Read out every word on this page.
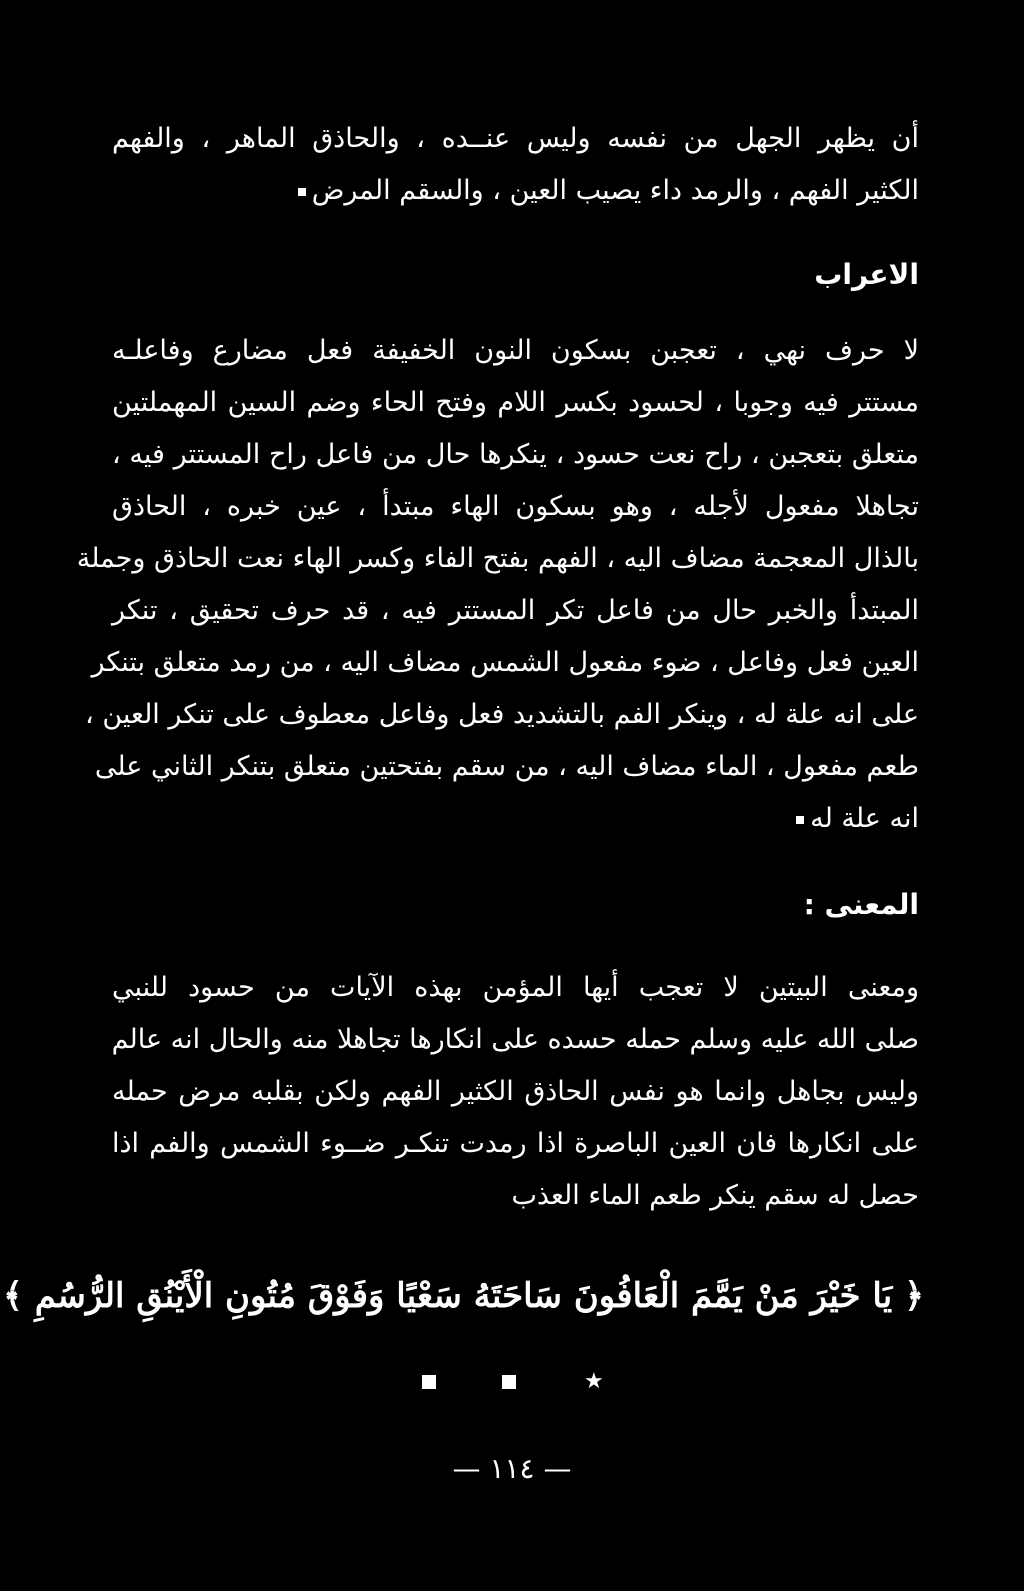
أن يظهر الجهل من نفسه وليس عنــده ، والحاذق الماهر ، والفهم
الكثير الفهم ، والرمد داء يصيب العين ، والسقم المرض
الاعراب
لا حرف نهي ، تعجبن بسكون النون الخفيفة فعل مضارع وفاعلـه
مستتر فيه وجوبا ، لحسود بكسر اللام وفتح الحاء وضم السين المهملتين
متعلق بتعجبن ، راح نعت حسود ، ينكرها حال من فاعل راح المستتر فيه ،
تجاهلا مفعول لأجله ، وهو بسكون الهاء مبتدأ ، عين خبره ، الحاذق
بالذال المعجمة مضاف اليه ، الفهم بفتح الفاء وكسر الهاء نعت الحاذق وجملة
المبتدأ والخبر حال من فاعل تكر المستتر فيه ، قد حرف تحقيق ، تنكر
العين فعل وفاعل ، ضوء مفعول الشمس مضاف اليه ، من رمد متعلق بتنكر
على انه علة له ، وينكر الفم بالتشديد فعل وفاعل معطوف على تنكر العين ،
طعم مفعول ، الماء مضاف اليه ، من سقم بفتحتين متعلق بتنكر الثاني على
انه علة له
المعنى :
ومعنى البيتين لا تعجب أيها المؤمن بهذه الآيات من حسود للنبي
صلى الله عليه وسلم حمله حسده على انكارها تجاهلا منه والحال انه عالم
وليس بجاهل وانما هو نفس الحاذق الكثير الفهم ولكن بقلبه مرض حمله
على انكارها فان العين الباصرة اذا رمدت تنكـر ضــوء الشمس والفم اذا
حصل له سقم ينكر طعم الماء العذب
﴿ يَا خَيْرَ مَنْ يَمَّمَ الْعَافُونَ سَاحَتَهُ سَعْيًا وَفَوْقَ مُتُونِ الْأَيْنُقِ الرُّسُمِ ﴾
★
— ١١٤ —
